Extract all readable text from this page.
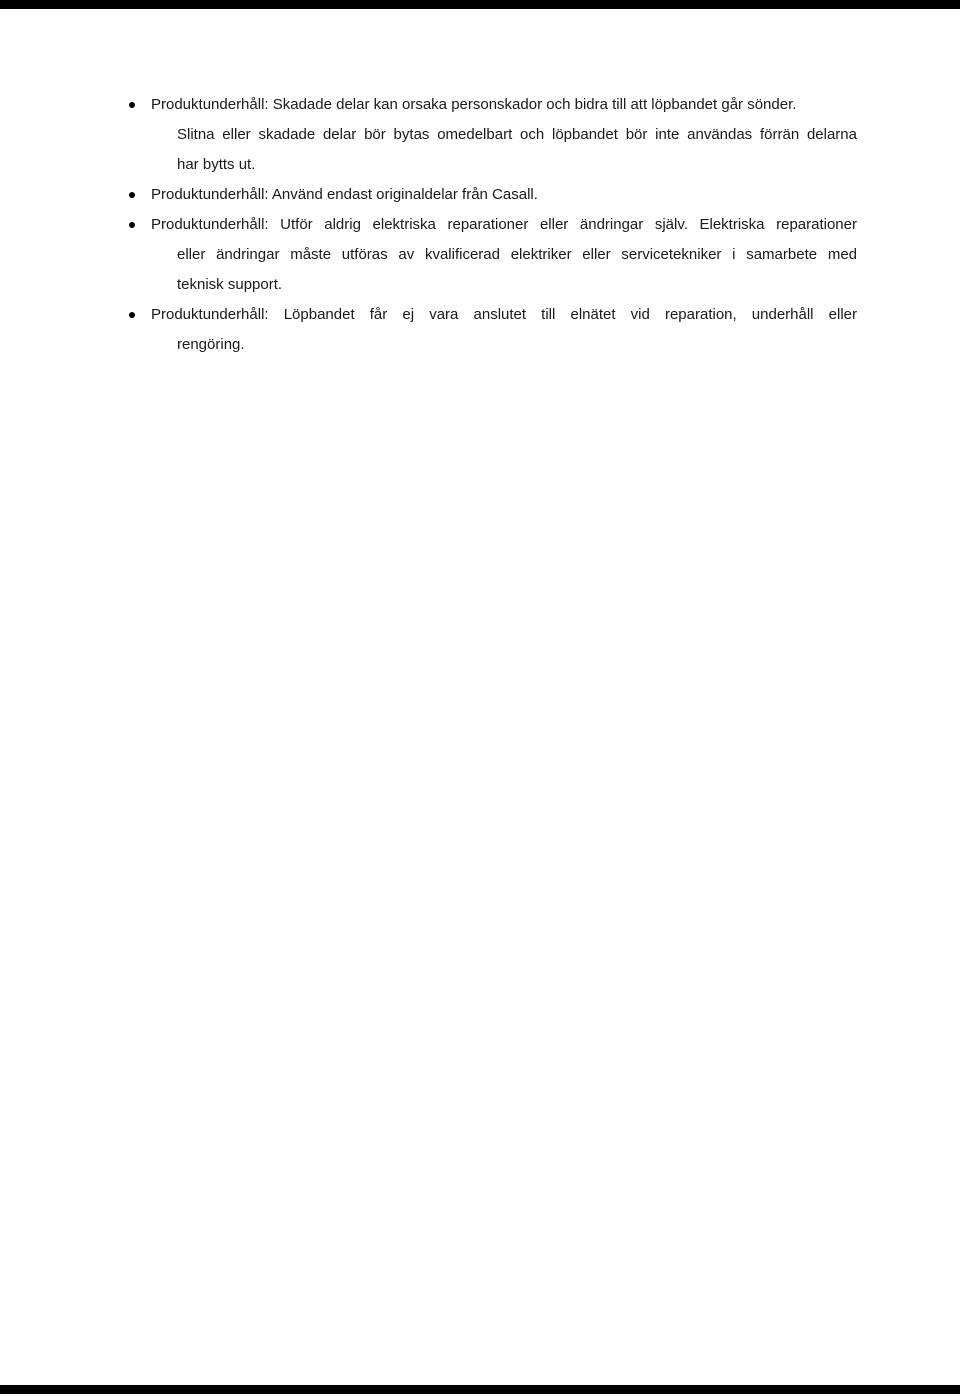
Produktunderhåll: Skadade delar kan orsaka personskador och bidra till att löpbandet går sönder.
Slitna eller skadade delar bör bytas omedelbart och löpbandet bör inte användas förrän delarna
har bytts ut.
Produktunderhåll: Använd endast originaldelar från Casall.
Produktunderhåll: Utför aldrig elektriska reparationer eller ändringar själv. Elektriska reparationer
eller ändringar måste utföras av kvalificerad elektriker eller servicetekniker i samarbete med
teknisk support.
Produktunderhåll: Löpbandet får ej vara anslutet till elnätet vid reparation, underhåll eller
rengöring.
